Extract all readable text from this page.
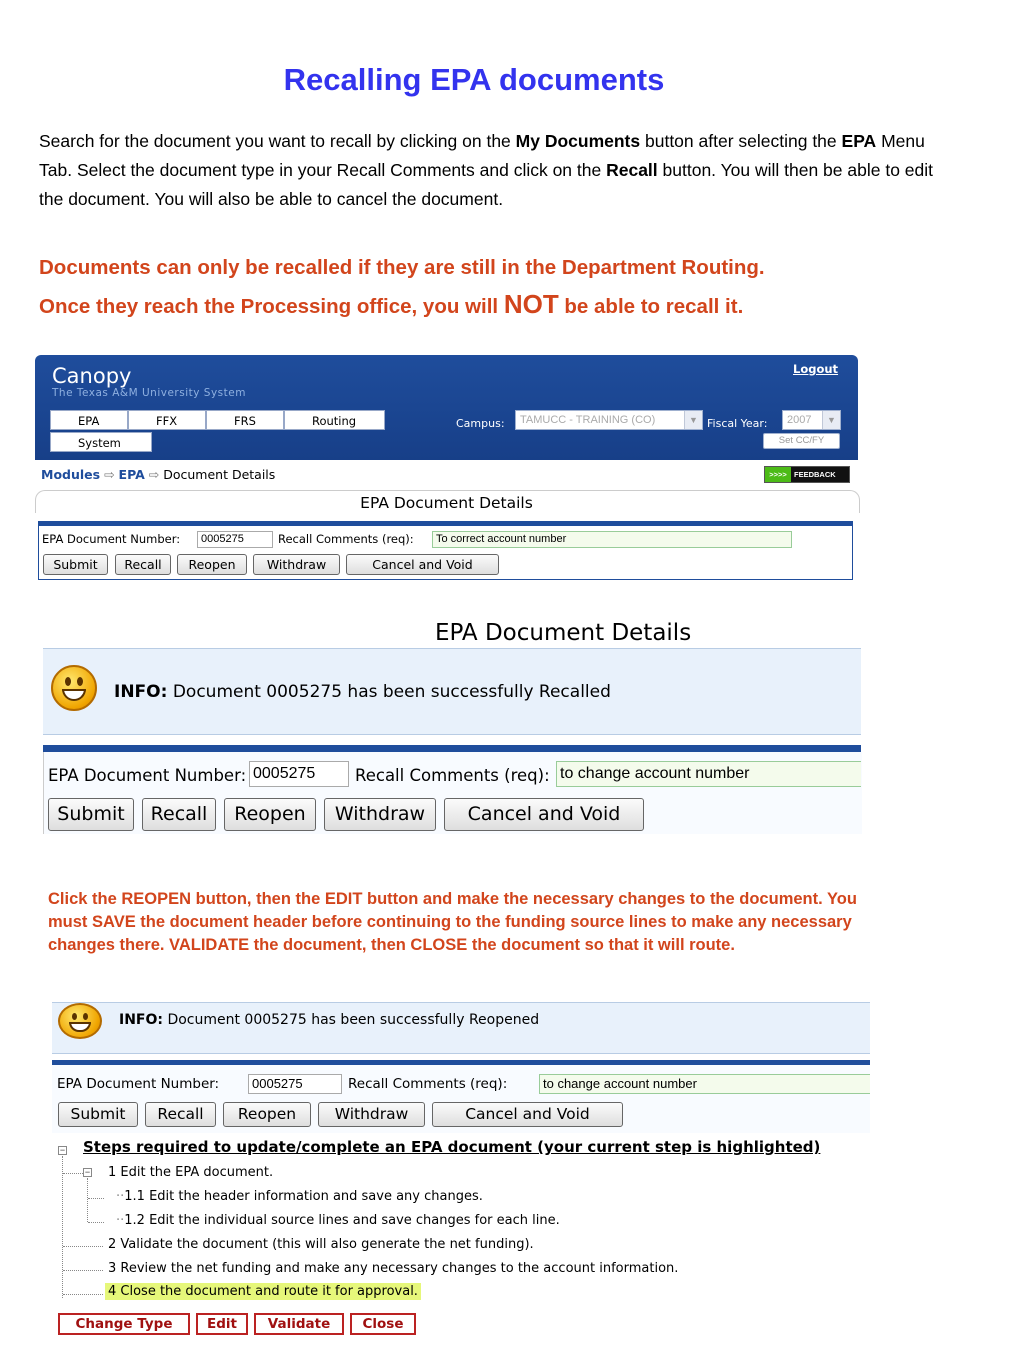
Recalling EPA documents
Search for the document you want to recall by clicking on the My Documents button after selecting the EPA Menu Tab. Select the document type in your Recall Comments and click on the Recall button. You will then be able to edit the document. You will also be able to cancel the document.
Documents can only be recalled if they are still in the Department Routing.
Once they reach the Processing office, you will NOT be able to recall it.
Canopy
The Texas A&M University System
Logout
EPA	FFX	FRS	Routing
System
Campus:	TAMUCC - TRAINING (CO)	▼ Fiscal Year:	2007	▼
Set CC/FY
Modules ⇨ EPA ⇨ Document Details	>>>> FEEDBACK
EPA Document Details
EPA Document Number:	0005275	Recall Comments (req):	To correct account number
Submit	Recall	Reopen	Withdraw	Cancel and Void
EPA Document Details
INFO: Document 0005275 has been successfully Recalled
EPA Document Number: 0005275	Recall Comments (req): to change account number
Submit	Recall	Reopen	Withdraw	Cancel and Void
Click the REOPEN button, then the EDIT button and make the necessary changes to the document. You must SAVE the document header before continuing to the funding source lines to make any necessary changes there. VALIDATE the document, then CLOSE the document so that it will route.
INFO: Document 0005275 has been successfully Reopened
EPA Document Number:	0005275	Recall Comments (req):	to change account number
Submit	Recall	Reopen	Withdraw	Cancel and Void
− Steps required to update/complete an EPA document (your current step is highlighted)
− 1 Edit the EPA document.
··1.1 Edit the header information and save any changes.
··1.2 Edit the individual source lines and save changes for each line.
2 Validate the document (this will also generate the net funding).
3 Review the net funding and make any necessary changes to the account information.
4 Close the document and route it for approval.
Change Type	Edit	Validate	Close
